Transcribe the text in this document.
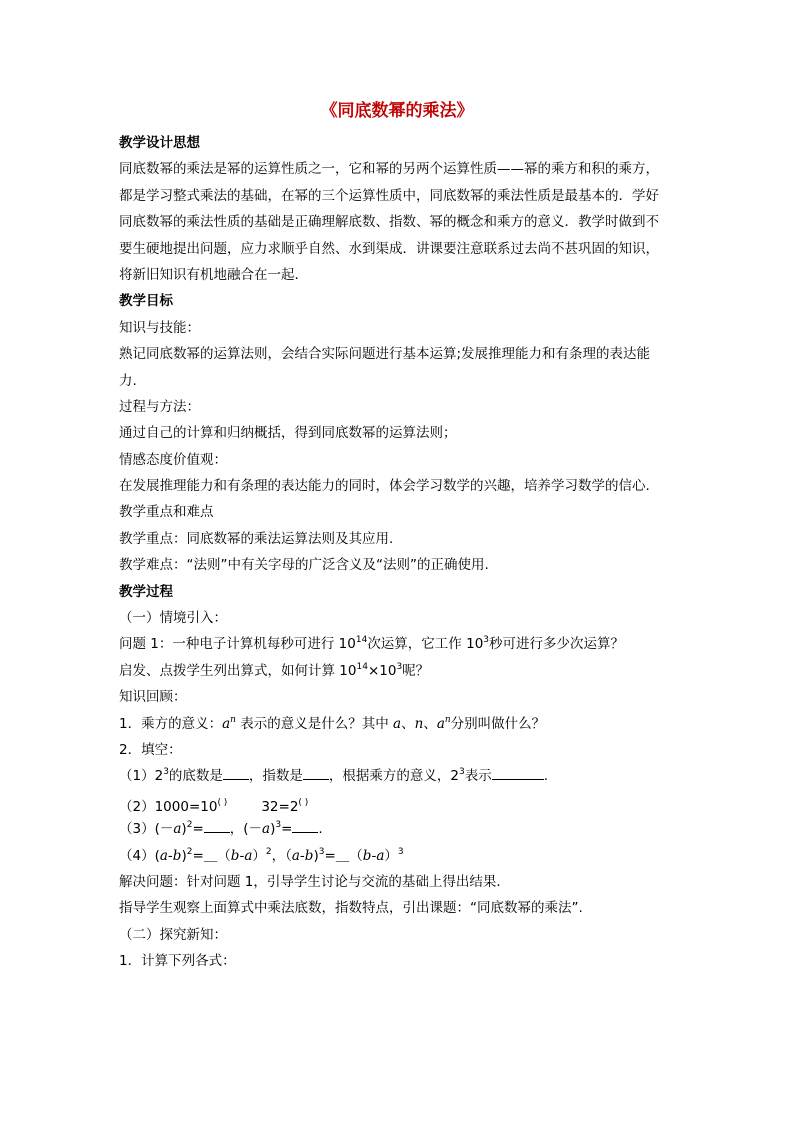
《同底数幂的乘法》
教学设计思想
同底数幂的乘法是幂的运算性质之一，它和幂的另两个运算性质——幂的乘方和积的乘方，
都是学习整式乘法的基础，在幂的三个运算性质中，同底数幂的乘法性质是最基本的．学好
同底数幂的乘法性质的基础是正确理解底数、指数、幂的概念和乘方的意义．教学时做到不
要生硬地提出问题，应力求顺乎自然、水到渠成．讲课要注意联系过去尚不甚巩固的知识，
将新旧知识有机地融合在一起.
教学目标
知识与技能：
熟记同底数幂的运算法则，会结合实际问题进行基本运算;发展推理能力和有条理的表达能
力.
过程与方法：
通过自己的计算和归纳概括，得到同底数幂的运算法则；
情感态度价值观：
在发展推理能力和有条理的表达能力的同时，体会学习数学的兴趣，培养学习数学的信心.
教学重点和难点
教学重点：同底数幂的乘法运算法则及其应用.
教学难点：“法则”中有关字母的广泛含义及“法则”的正确使用.
教学过程
（一）情境引入：
问题 1：一种电子计算机每秒可进行 $10^{14}$次运算，它工作 $10^3$秒可进行多少次运算？
启发、点拨学生列出算式，如何计算 $10^{14}\times 10^3$呢？
知识回顾：
1．乘方的意义：$a^n$ 表示的意义是什么？其中 a、n、$a^n$分别叫做什么？
2．填空：
$(1)2^3$的底数是 ，指数是 ，根据乘方的意义，$2^3$表示	.
（2）1000=10( )	32=2( )
$(3)(-a)^2=$ ，$(-a)^3=$ .
$(4)(a-b)^2=\_(b-a)^2$，$(a-b)^3=\_(b-a)^3$
解决问题：针对问题 1，引导学生讨论与交流的基础上得出结果.
指导学生观察上面算式中乘法底数，指数特点，引出课题：“同底数幂的乘法”.
（二）探究新知：
1．计算下列各式：
